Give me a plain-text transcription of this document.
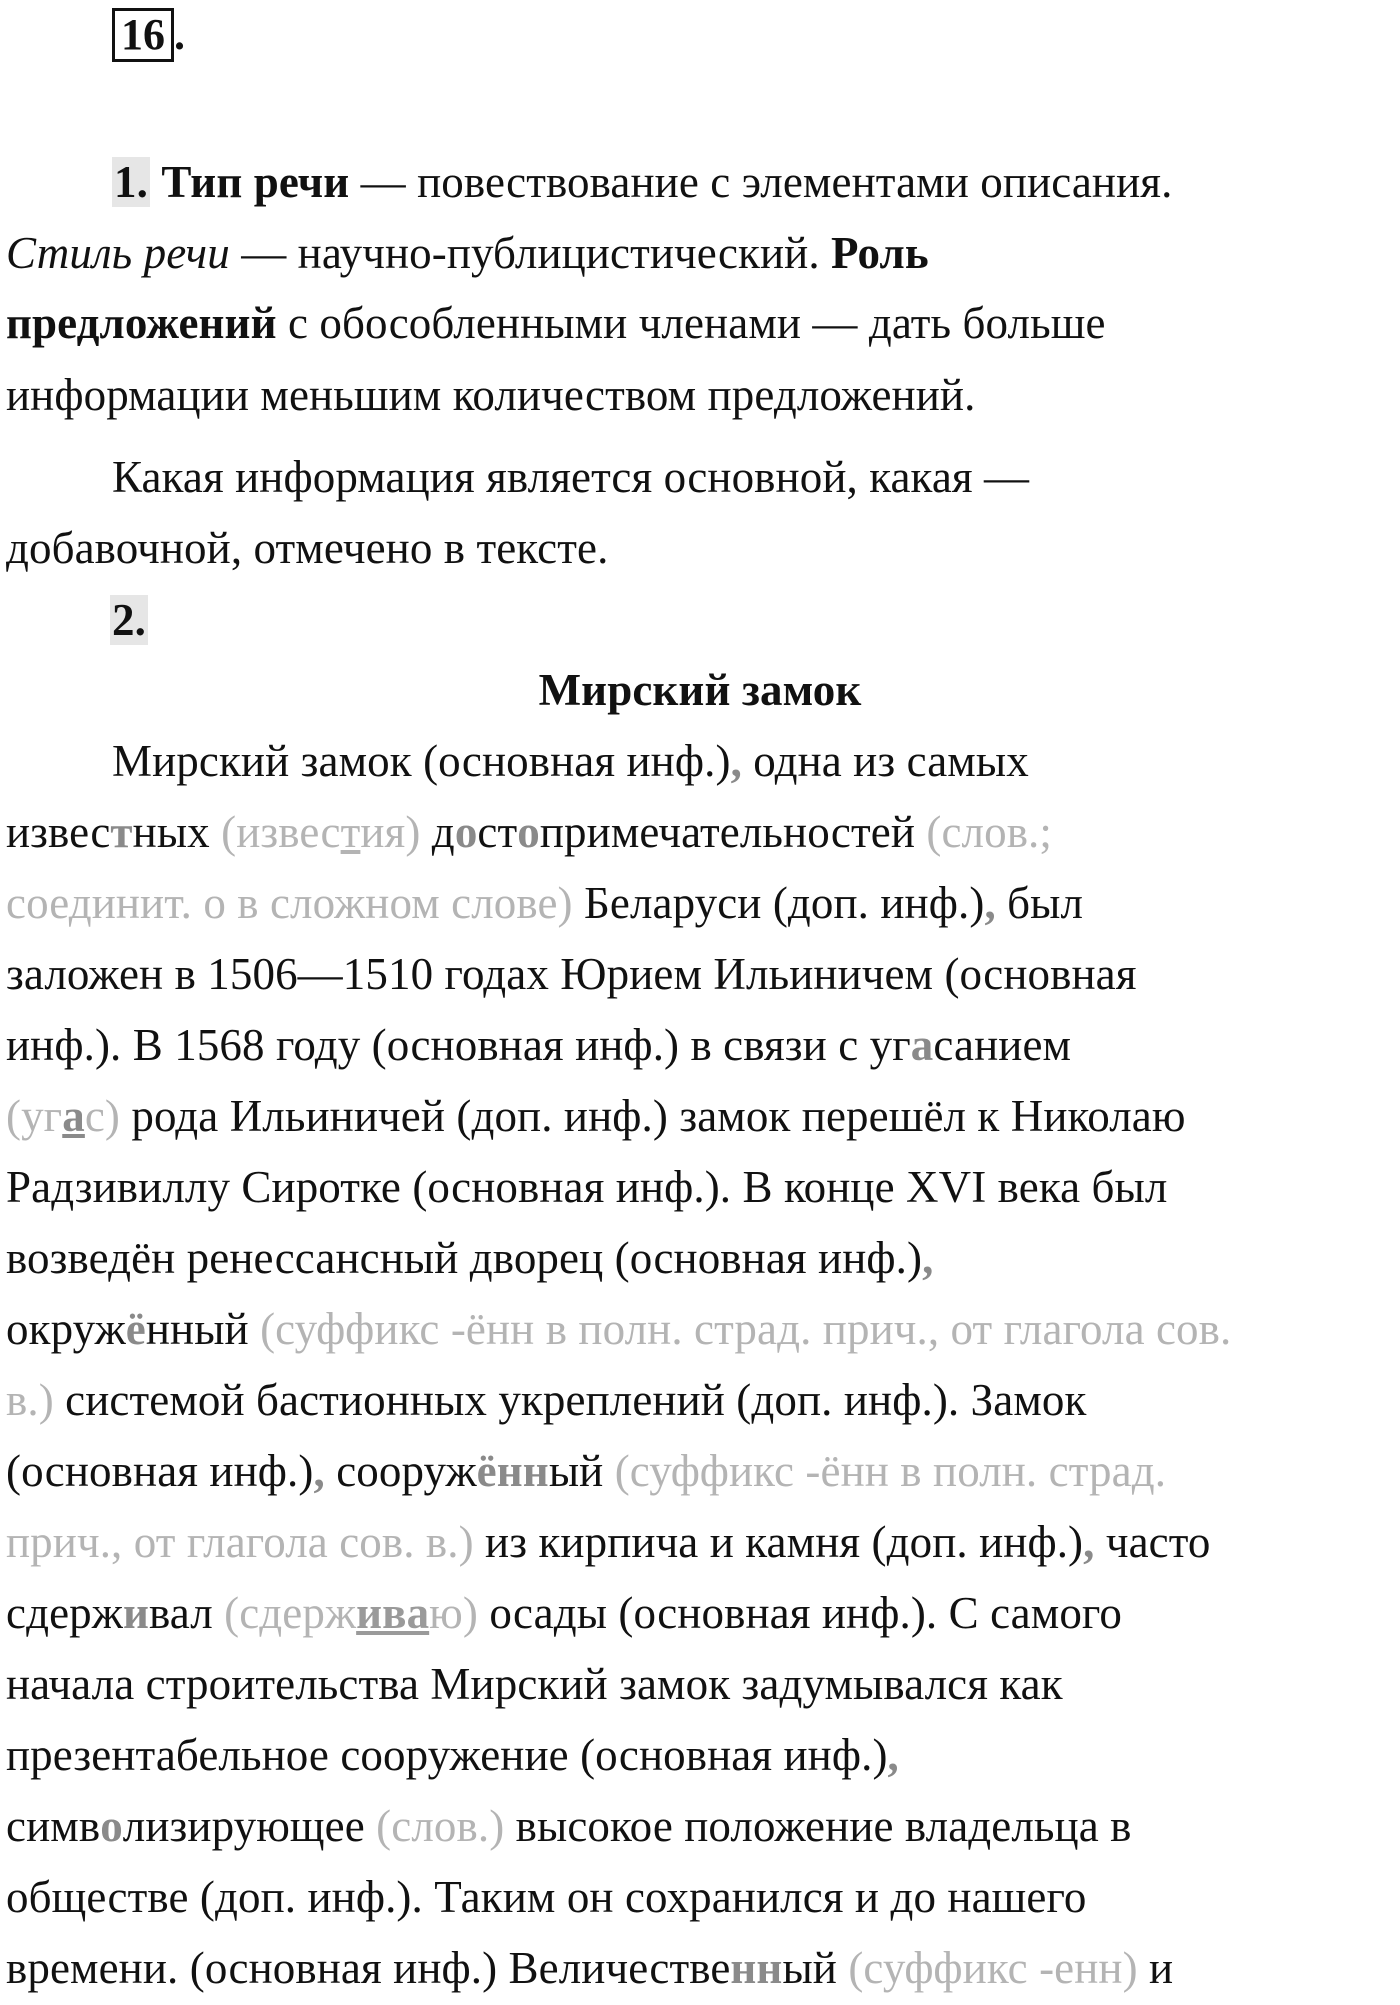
16 .
1. Тип речи — повествование с элементами описания.
Стиль речи — научно-публицистический. Роль
предложений с обособленными членами — дать больше
информации меньшим количеством предложений.
Какая информация является основной, какая —
добавочной, отмечено в тексте.
2.
Мирский замок
Мирский замок (основная инф.), одна из самых
известных (известия) достопримечательностей (слов.;
соединит. о в сложном слове) Беларуси (доп. инф.), был
заложен в 1506—1510 годах Юрием Ильиничем (основная
инф.). В 1568 году (основная инф.) в связи с угасанием
(угас) рода Ильиничей (доп. инф.) замок перешёл к Николаю
Радзивиллу Сиротке (основная инф.). В конце XVI века был
возведён ренессансный дворец (основная инф.),
окружённый (суффикс -ённ в полн. страд. прич., от глагола сов.
в.) системой бастионных укреплений (доп. инф.). Замок
(основная инф.), сооружённый (суффикс -ённ в полн. страд.
прич., от глагола сов. в.) из кирпича и камня (доп. инф.), часто
сдерживал (сдерживаю) осады (основная инф.). С самого
начала строительства Мирский замок задумывался как
презентабельное сооружение (основная инф.),
символизирующее (слов.) высокое положение владельца в
обществе (доп. инф.). Таким он сохранился и до нашего
времени. (основная инф.) Величественный (суффикс -енн) и
